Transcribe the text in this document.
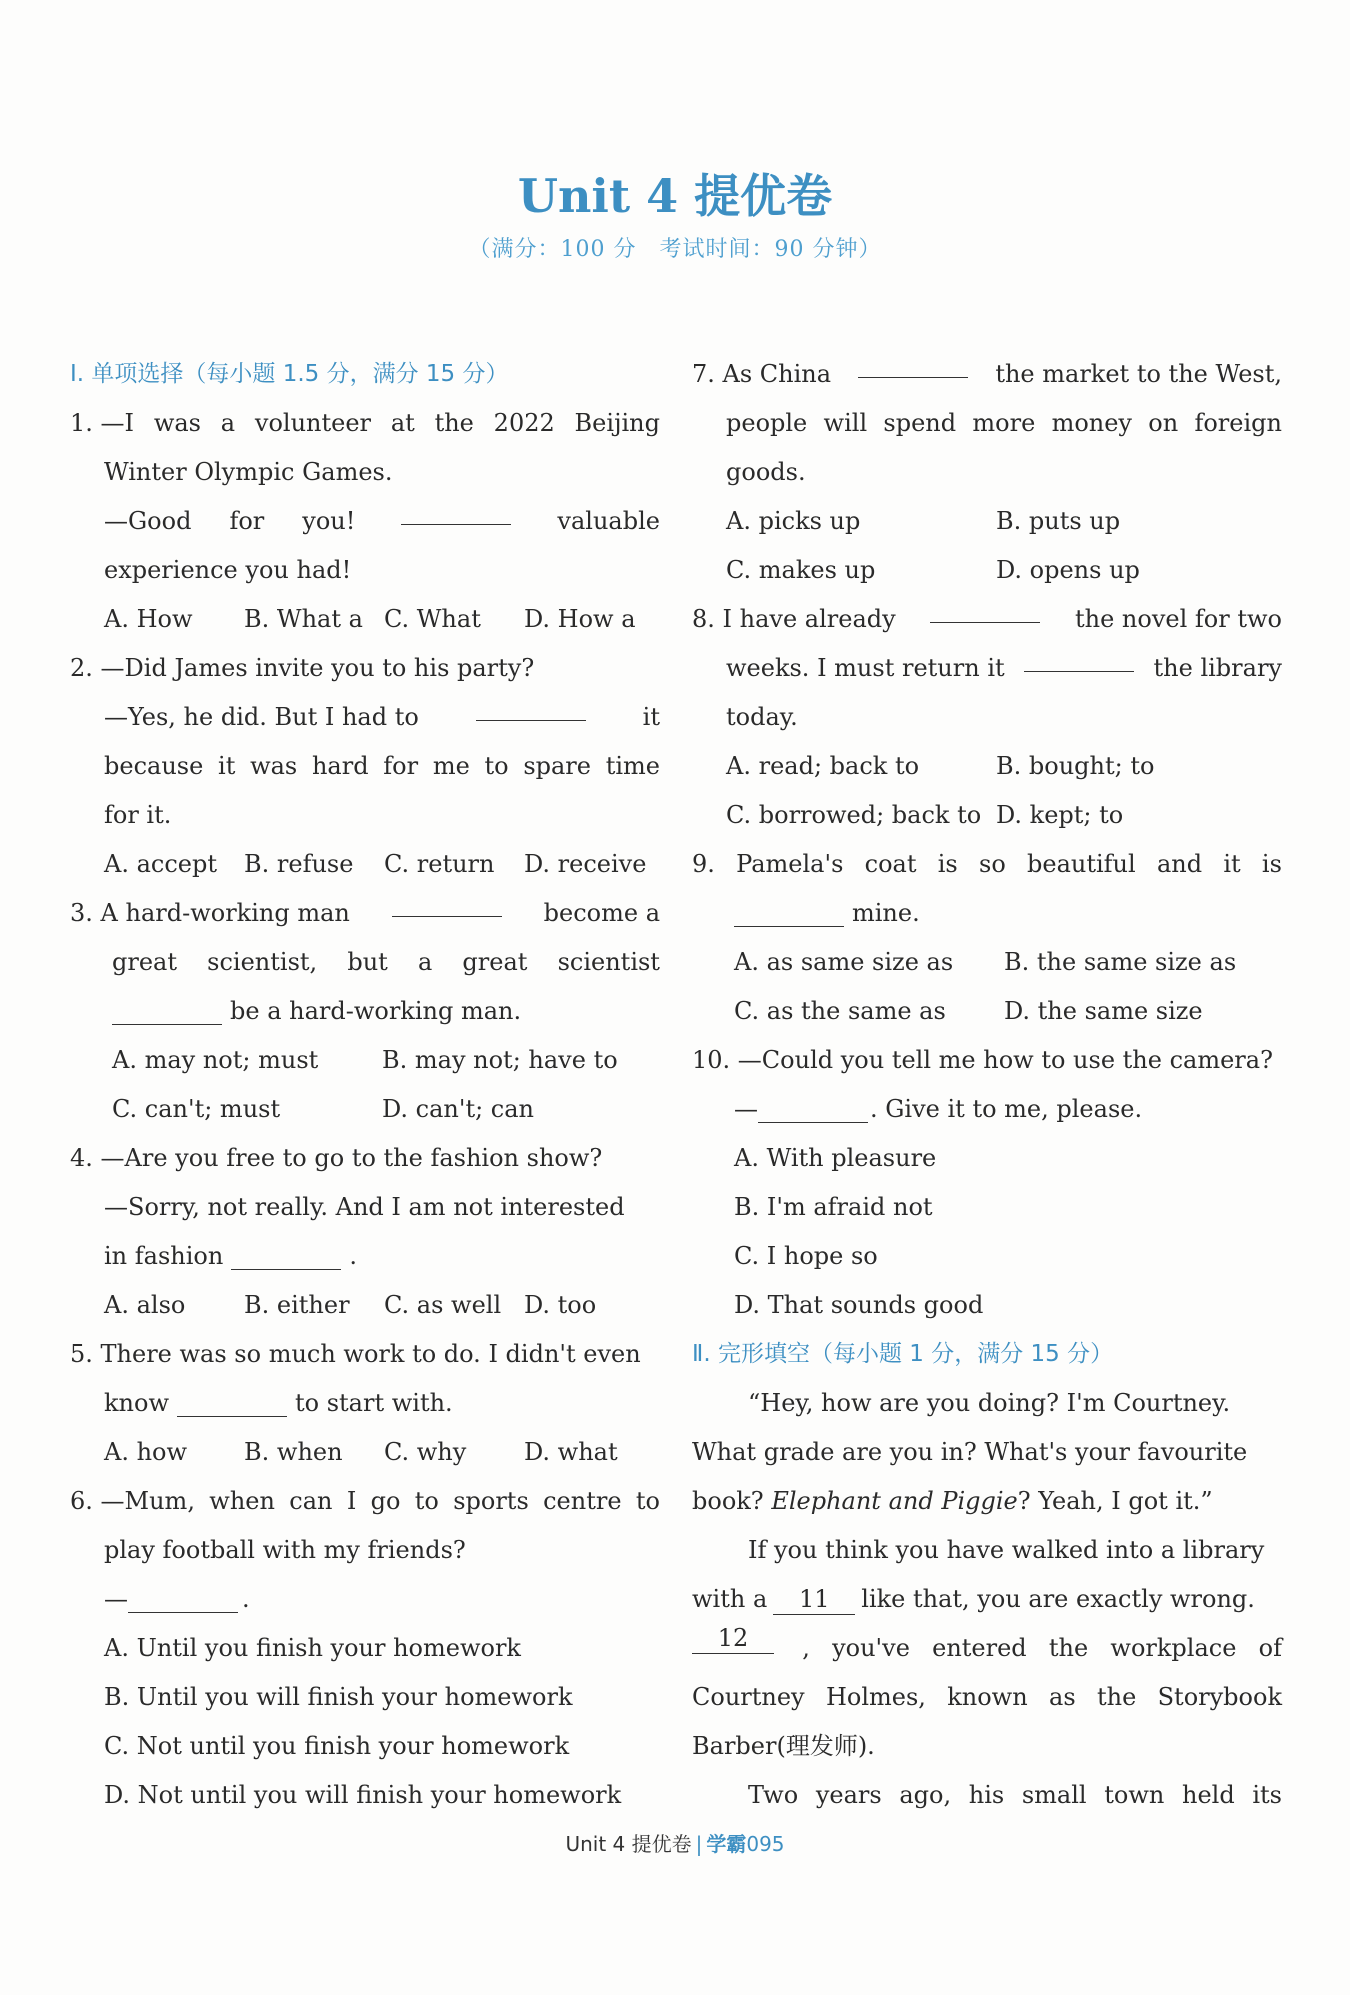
Unit 4 提优卷
（满分：100 分　考试时间：90 分钟）
Ⅰ. 单项选择（每小题 1.5 分，满分 15 分）
1. —I was a volunteer at the 2022 Beijing
Winter Olympic Games.
—Good for you!	valuable
experience you had!
A. How	B. What a C. What	D. How a
2. —Did James invite you to his party?
—Yes, he did. But I had to	it
because it was hard for me to spare time
for it.
A. accept	B. refuse	C. return	D. receive
3. A hard-working man	become a
great scientist, but a great scientist
be a hard-working man.
A. may not; must	B. may not; have to
C. can't; must	D. can't; can
4. —Are you free to go to the fashion show?
—Sorry, not really. And I am not interested
in fashion	.
A. also	B. either	C. as well D. too
5. There was so much work to do. I didn't even
know	to start with.
A. how	B. when	C. why	D. what
6. —Mum, when can I go to sports centre to
play football with my friends?
—	.
A. Until you finish your homework
B. Until you will finish your homework
C. Not until you finish your homework
D. Not until you will finish your homework
7. As China	the market to the West,
people will spend more money on foreign
goods.
A. picks up	B. puts up
C. makes up	D. opens up
8. I have already	the novel for two
weeks. I must return it	the library
today.
A. read; back to	B. bought; to
C. borrowed; back to D. kept; to
9. Pamela's coat is so beautiful and it is
mine.
A. as same size as	B. the same size as
C. as the same as	D. the same size
10. —Could you tell me how to use the camera?
—	. Give it to me, please.
A. With pleasure
B. I'm afraid not
C. I hope so
D. That sounds good
Ⅱ. 完形填空（每小题 1 分，满分 15 分）
“Hey, how are you doing? I'm Courtney.
What grade are you in? What's your favourite
book? Elephant and Piggie? Yeah, I got it.”
If you think you have walked into a library
with a 11 like that, you are exactly wrong.
12	, you've entered the workplace of
Courtney Holmes, known as the Storybook
Barber(理发师).
Two years ago, his small town held its
Unit 4 提优卷 | 学霸095
